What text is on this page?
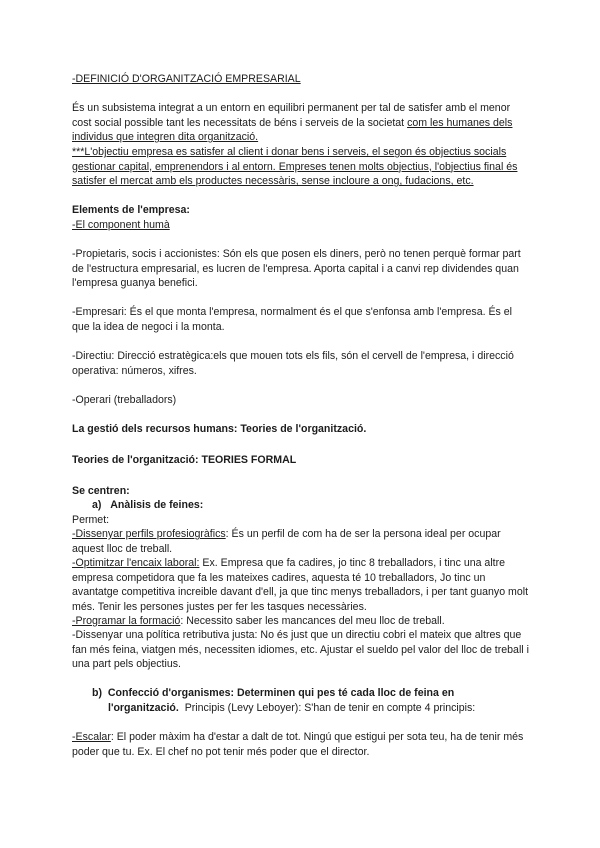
-DEFINICIÓ D'ORGANITZACIÓ EMPRESARIAL

És un subsistema integrat a un entorn en equilibri permanent per tal de satisfer amb el menor cost social possible tant les necessitats de béns i serveis de la societat com les humanes dels individus que integren dita organització.

***L'objectiu empresa es satisfer al client i donar bens i serveis, el segon és objectius socials gestionar capital, emprenendors i al entorn. Empreses tenen molts objectius, l'objectius final és satisfer el mercat amb els productes necessàris, sense incloure a ong, fudacions, etc.

Elements de l'empresa:

-El component humà

-Propietaris, socis i accionistes: Són els que posen els diners, però no tenen perquè formar part de l'estructura empresarial, es lucren de l'empresa. Aporta capital i a canvi rep dividendes quan l'empresa guanya benefici.

-Empresari: És el que monta l'empresa, normalment és el que s'enfonsa amb l'empresa. És el que la idea de negoci i la monta.

-Directiu: Direcció estratègica:els que mouen tots els fils, són el cervell de l'empresa, i direcció operativa: números, xifres.

-Operari (treballadors)

La gestió dels recursos humans: Teories de l'organització.

Teories de l'organització: TEORIES FORMAL

Se centren:

a) Anàlisis de feines:

Permet:

-Dissenyar perfils profesiogràfics: És un perfil de com ha de ser la persona ideal per ocupar aquest lloc de treball.

-Optimitzar l'encaix laboral: Ex. Empresa que fa cadires, jo tinc 8 treballadors, i tinc una altre empresa competidora que fa les mateixes cadires, aquesta té 10 treballadors, Jo tinc un avantatge competitiva increible davant d'ell, ja que tinc menys treballadors, i per tant guanyo molt més. Tenir les persones justes per fer les tasques necessàries.

-Programar la formació: Necessito saber les mancances del meu lloc de treball.

-Dissenyar una política retributiva justa: No és just que un directiu cobri el mateix que altres que fan més feina, viatgen més, necessiten idiomes, etc. Ajustar el sueldo pel valor del lloc de treball i una part pels objectius.

b) Confecció d'organismes: Determinen qui pes té cada lloc de feina en
l'organització. Principis (Levy Leboyer): S'han de tenir en compte 4 principis:

-Escalar: El poder màxim ha d'estar a dalt de tot. Ningú que estigui per sota teu, ha de tenir més poder que tu. Ex. El chef no pot tenir més poder que el director.
